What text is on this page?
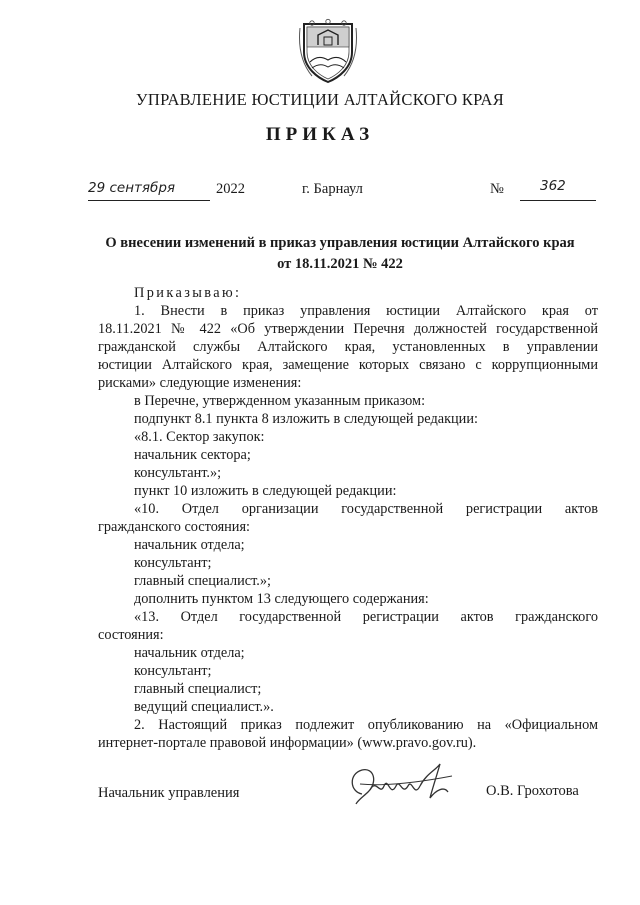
УПРАВЛЕНИЕ ЮСТИЦИИ АЛТАЙСКОГО КРАЯ
ПРИКАЗ
29 сентября	2022	г. Барнаул	№	362
О внесении изменений в приказ управления юстиции Алтайского края от 18.11.2021 № 422
Приказываю:
1. Внести в приказ управления юстиции Алтайского края от
18.11.2021 № 422 «Об утверждении Перечня должностей государственной
гражданской службы Алтайского края, установленных в управлении
юстиции Алтайского края, замещение которых связано с коррупционными
рисками» следующие изменения:
в Перечне, утвержденном указанным приказом:
подпункт 8.1 пункта 8 изложить в следующей редакции:
«8.1. Сектор закупок:
начальник сектора;
консультант.»;
пункт 10 изложить в следующей редакции:
«10. Отдел организации государственной регистрации актов
гражданского состояния:
начальник отдела;
консультант;
главный специалист.»;
дополнить пунктом 13 следующего содержания:
«13. Отдел государственной регистрации актов гражданского
состояния:
начальник отдела;
консультант;
главный специалист;
ведущий специалист.».
2. Настоящий приказ подлежит опубликованию на «Официальном
интернет-портале правовой информации» (www.pravo.gov.ru).
Начальник управления	О.В. Грохотова
